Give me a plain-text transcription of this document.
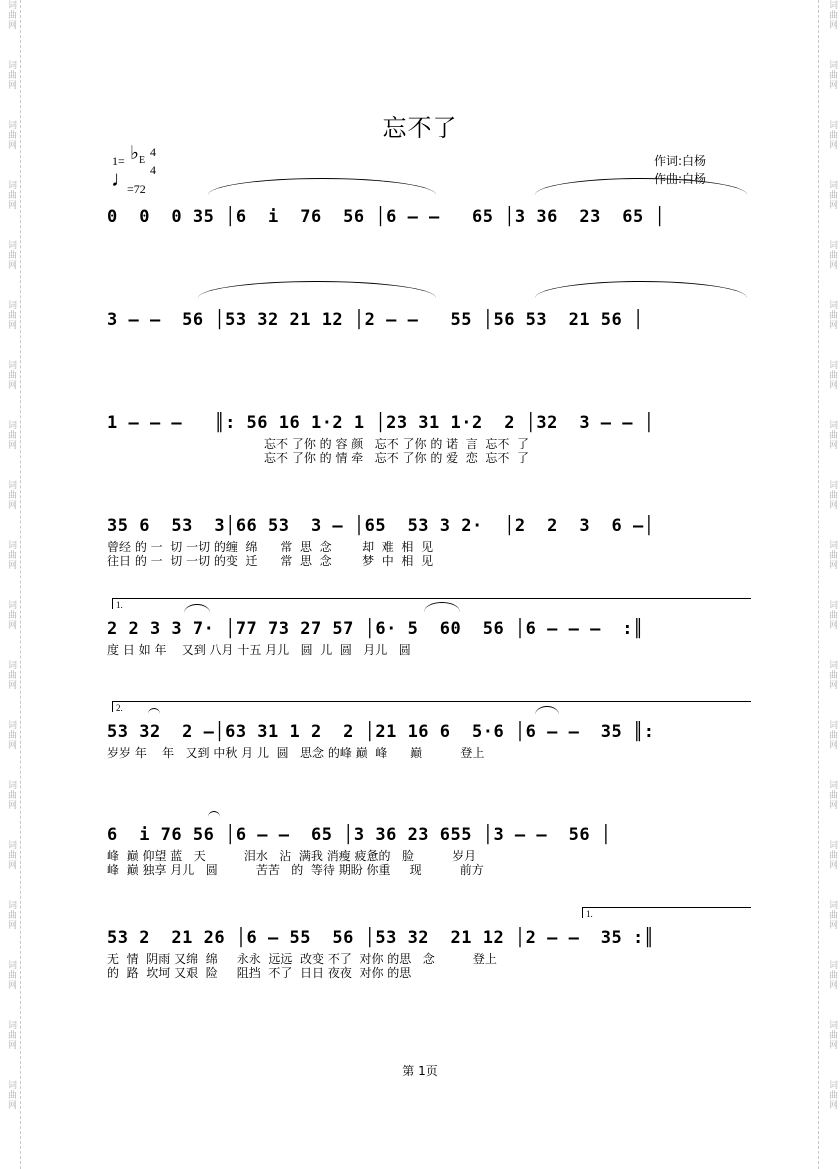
词曲网
词曲网
词曲网
词曲网
词曲网
词曲网
词曲网
词曲网
词曲网
词曲网
词曲网
词曲网
词曲网
词曲网
词曲网
词曲网
词曲网
词曲网
词曲网
词曲网
词曲网
词曲网
词曲网
词曲网
词曲网
词曲网
词曲网
词曲网
词曲网
词曲网
词曲网
词曲网
词曲网
词曲网
词曲网
词曲网
词曲网
词曲网
忘不了
1= ♭ E
4
4
♩
=72
作词:白杨
作曲:白杨
0  0  0 35 │6  i  76  56 │6 — —   65 │3 36  23  65 │
3 — —  56 │53 32 21 12 │2 — —   55 │56 53  21 56 │
1 — — —   ║: 56 16 1·2 1 │23 31 1·2  2 │32  3 — — │
忘不 了你 的 容 颜   忘不 了你 的 诺  言  忘不  了
忘不 了你 的 情 牵   忘不 了你 的 爱  恋  忘不  了
35 6  53  3│66 53  3 — │65  53 3 2·  │2  2  3  6 —│
曾经 的 一  切 一切 的缠  绵      常  思  念        却  难  相  见
往日 的 一  切 一切 的变  迁      常  思  念        梦  中  相  见
2 2 3 3 7· │77 73 27 57 │6· 5  60  56 │6 — — —  :║
度 日 如 年    又到 八月 十五 月儿   圆  儿  圆   月儿   圆
53 32  2 —│63 31 1 2  2 │21 16 6  5·6 │6 — —  35 ║:
岁岁 年    年   又到 中秋 月 儿  圆   思念 的峰 巅  峰      巅          登上
6  i 76 56 │6 — —  65 │3 36 23 655 │3 — —  56 │
峰  巅 仰望 蓝   天          泪水   沾  满我 消瘦 疲惫的   脸          岁月
峰  巅 独享 月儿   圆          苦苦   的  等待 期盼 你重     现          前方
53 2  21 26 │6 — 55  56 │53 32  21 12 │2 — —  35 :║
无  情  阴雨 又绵  绵     永永  远远  改变 不了  对你 的思   念          登上
的  路  坎坷 又艰  险     阻挡  不了  日日 夜夜  对你 的思
1.
2.
1.
第 1页
